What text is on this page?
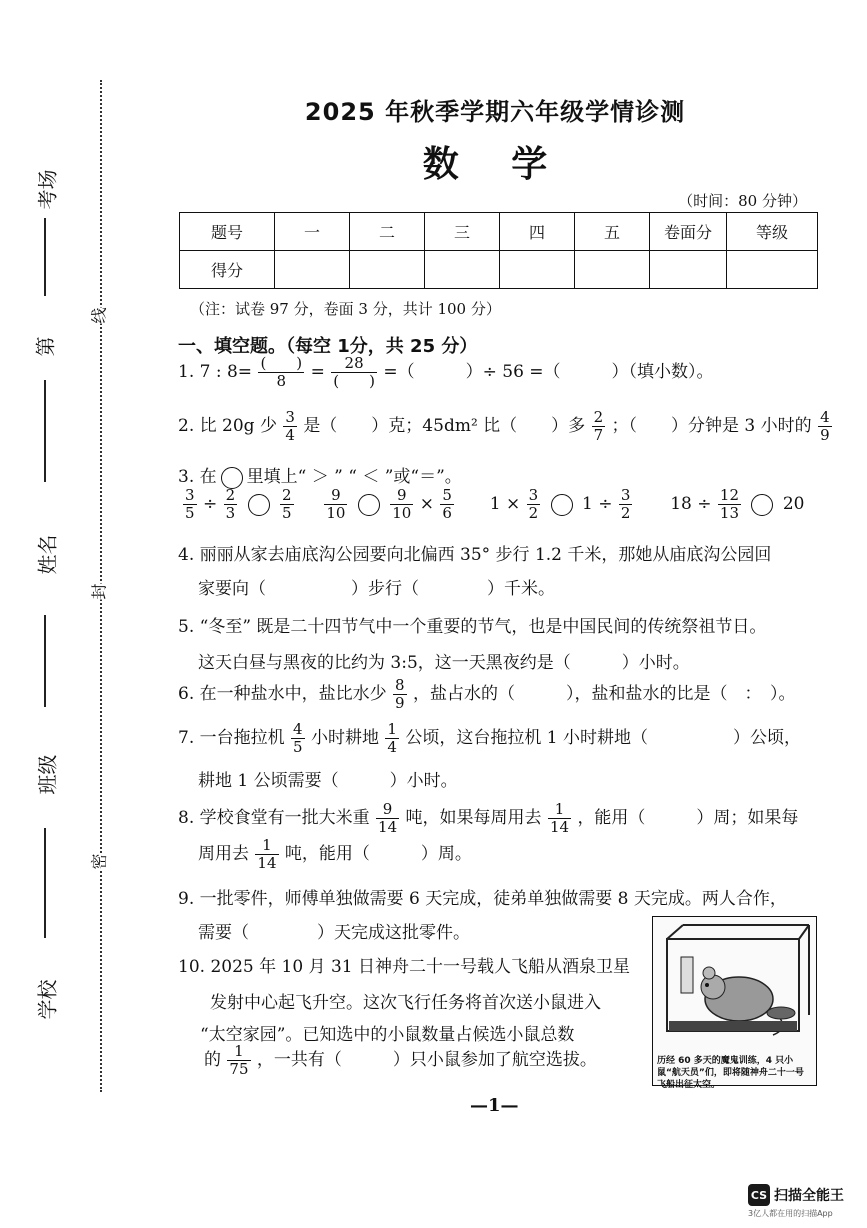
考场
第
姓名
班级
学校
线
封
密
2025 年秋季学期六年级学情诊测
数 学
（时间：80 分钟）
题号	一	二	三	四	五	卷面分	等级
得分							
（注：试卷 97 分，卷面 3 分，共计 100 分）
一、填空题。（每空 1分，共 25 分）
1. 7 : $8= \frac{( )}{8} = \frac{28}{( )}$ =（　　　）÷ 56 =（　　　）（填小数）。
2. 比 20g 少 $\frac{3}{4}$ 是（　　）克；45dm² 比（　　）多 $\frac{2}{7}$ ；（　　）分钟是 3 小时的 $\frac{4}{9}$
3. 在 里填上“ ＞ ” “ ＜ ”或“＝”。
$\frac{3}{5} \div \frac{2}{3}$
	$\frac{2}{5}$
$\frac{9}{10}$
	$\frac{9}{10} \times \frac{5}{6} 1 \times \frac{3}{2} 1 \div \frac{3}{2} 18 \div \frac{12}{13} 20$
4. 丽丽从家去庙底沟公园要向北偏西 35° 步行 1.2 千米，那她从庙底沟公园回
家要向（　　　　　）步行（　　　　）千米。
5. “冬至” 既是二十四节气中一个重要的节气，也是中国民间的传统祭祖节日。
这天白昼与黑夜的比约为 3:5，这一天黑夜约是（　　　）小时。
6. 在一种盐水中，盐比水少 $\frac{8}{9}$ ，盐占水的（　　　），盐和盐水的比是（　：　）。
7. 一台拖拉机 $\frac{4}{5}$ 小时耕地 $\frac{1}{4}$ 公顷，这台拖拉机 1 小时耕地（　　　　　）公顷，
耕地 1 公顷需要（　　　）小时。
8. 学校食堂有一批大米重 $\frac{9}{14}$ 吨，如果每周用去 $\frac{1}{14}$ ，能用（　　　）周；如果每
周用去 $\frac{1}{14}$ 吨，能用（　　　）周。
9. 一批零件，师傅单独做需要 6 天完成，徒弟单独做需要 8 天完成。两人合作，
需要（　　　　）天完成这批零件。
10. 2025 年 10 月 31 日神舟二十一号载人飞船从酒泉卫星
发射中心起飞升空。这次飞行任务将首次送小鼠进入
“太空家园”。已知选中的小鼠数量占候选小鼠总数
的 $\frac{1}{75}$ ，一共有（　　　）只小鼠参加了航空选拔。	历经 60 多天的魔鬼训练，4 只小鼠“航天员”们，即将随神舟二十一号飞船出征太空。
—1—
CS 扫描全能王
3亿人都在用的扫描App
